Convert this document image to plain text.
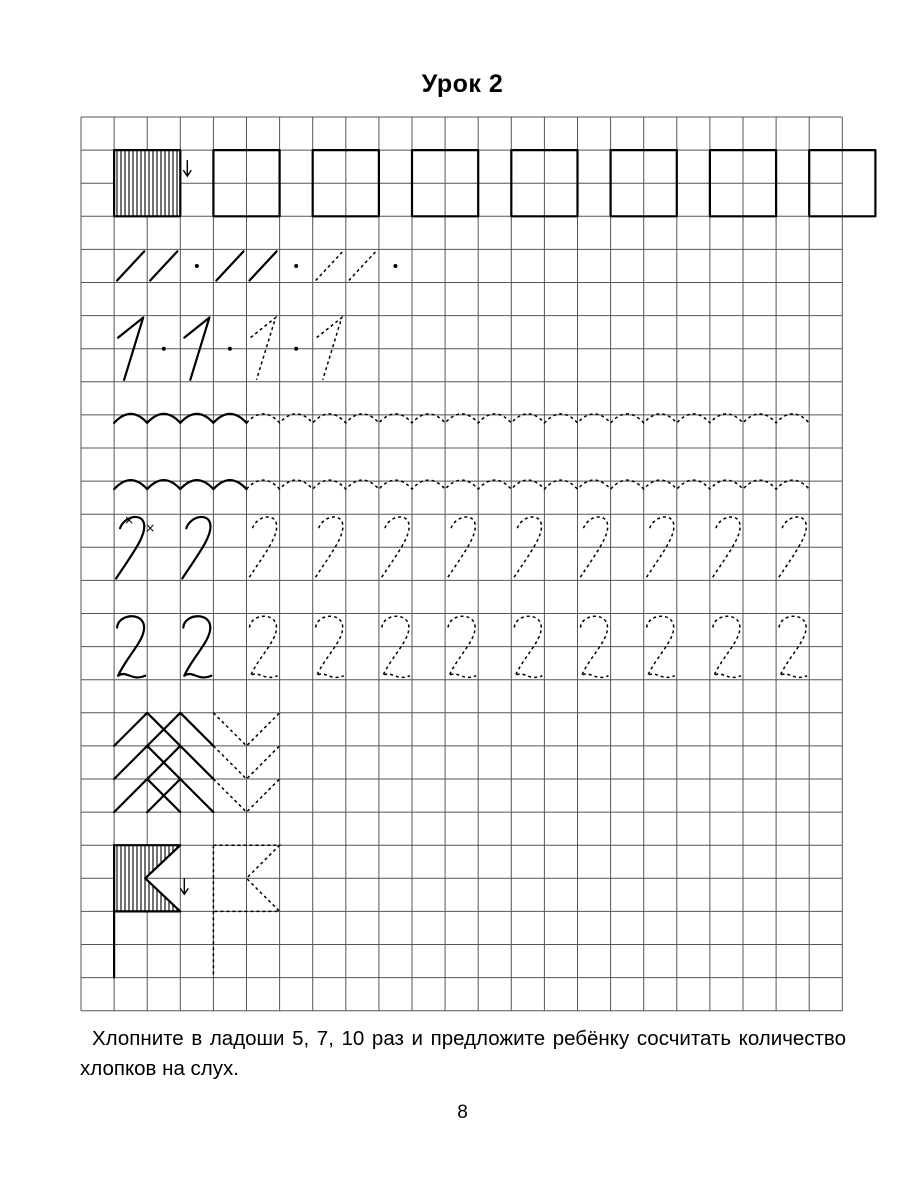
Урок 2
×
×
Хлопните в ладоши 5, 7, 10 раз и предложите ребёнку сосчитать количество хлопков на слух.
8
